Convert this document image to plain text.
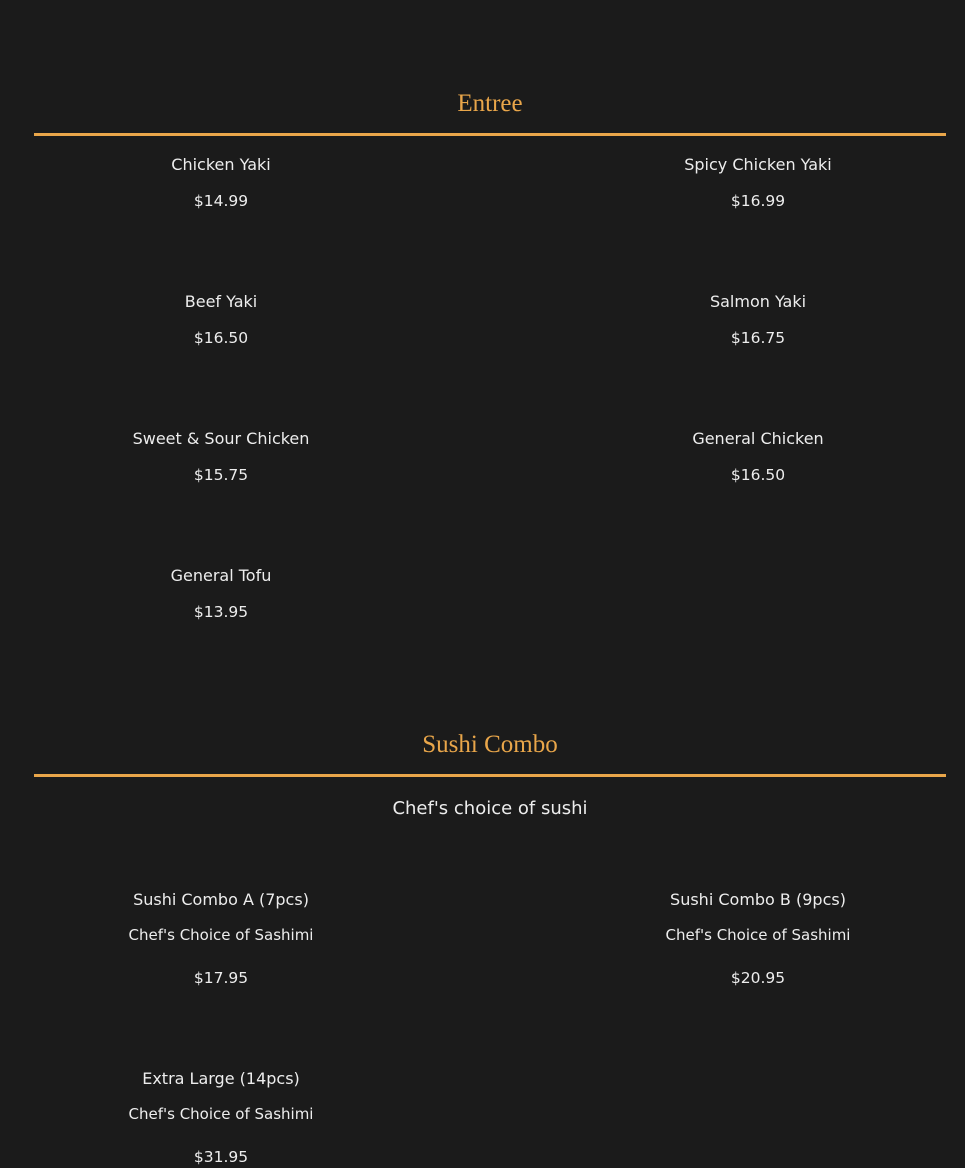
Entree
Chicken Yaki
$14.99
Spicy Chicken Yaki
$16.99
Beef Yaki
$16.50
Salmon Yaki
$16.75
Sweet & Sour Chicken
$15.75
General Chicken
$16.50
General Tofu
$13.95
Sushi Combo
Chef's choice of sushi
Sushi Combo A (7pcs)
Chef's Choice of Sashimi
$17.95
Sushi Combo B (9pcs)
Chef's Choice of Sashimi
$20.95
Extra Large (14pcs)
Chef's Choice of Sashimi
$31.95
